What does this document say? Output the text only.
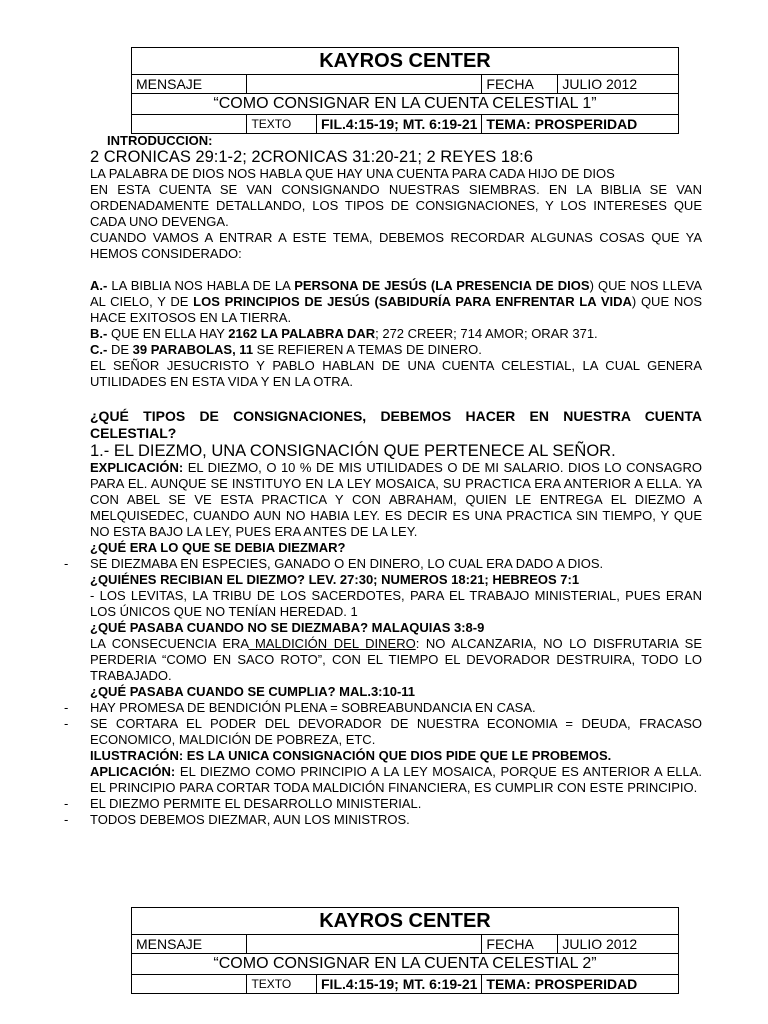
KAYROS CENTER				
MENSAJE			FECHA	JULIO 2012
“COMO CONSIGNAR EN LA CUENTA CELESTIAL 1”				
	TEXTO	FIL.4:15-19; MT. 6:19-21	TEMA: PROSPERIDAD	

INTRODUCCION:

2 CRONICAS 29:1-2; 2CRONICAS 31:20-21; 2 REYES 18:6

LA PALABRA DE DIOS NOS HABLA QUE HAY UNA CUENTA PARA CADA HIJO DE DIOS

EN ESTA CUENTA SE VAN CONSIGNANDO NUESTRAS SIEMBRAS. EN LA BIBLIA SE VAN ORDENADAMENTE DETALLANDO, LOS TIPOS DE CONSIGNACIONES, Y LOS INTERESES QUE CADA UNO DEVENGA.

CUANDO VAMOS A ENTRAR A ESTE TEMA, DEBEMOS RECORDAR ALGUNAS COSAS QUE YA HEMOS CONSIDERADO:

A.- LA BIBLIA NOS HABLA DE LA PERSONA DE JESÚS (LA PRESENCIA DE DIOS) QUE NOS LLEVA AL CIELO, Y DE LOS PRINCIPIOS DE JESÚS (SABIDURÍA PARA ENFRENTAR LA VIDA) QUE NOS HACE EXITOSOS EN LA TIERRA.

B.- QUE EN ELLA HAY 2162 LA PALABRA DAR; 272 CREER; 714 AMOR; ORAR 371.

C.- DE 39 PARABOLAS, 11 SE REFIEREN A TEMAS DE DINERO.

EL SEÑOR JESUCRISTO Y PABLO HABLAN DE UNA CUENTA CELESTIAL, LA CUAL GENERA UTILIDADES EN ESTA VIDA Y EN LA OTRA.

¿QUÉ TIPOS DE CONSIGNACIONES, DEBEMOS HACER EN NUESTRA CUENTA CELESTIAL?

1.- EL DIEZMO, UNA CONSIGNACIÓN QUE PERTENECE AL SEÑOR.

EXPLICACIÓN: EL DIEZMO, O 10 % DE MIS UTILIDADES O DE MI SALARIO. DIOS LO CONSAGRO PARA EL. AUNQUE SE INSTITUYO EN LA LEY MOSAICA, SU PRACTICA ERA ANTERIOR A ELLA. YA CON ABEL SE VE ESTA PRACTICA Y CON ABRAHAM, QUIEN LE ENTREGA EL DIEZMO A MELQUISEDEC, CUANDO AUN NO HABIA LEY. ES DECIR ES UNA PRACTICA SIN TIEMPO, Y QUE NO ESTA BAJO LA LEY, PUES ERA ANTES DE LA LEY.

¿QUÉ ERA LO QUE SE DEBIA DIEZMAR?

- SE DIEZMABA EN ESPECIES, GANADO O EN DINERO, LO CUAL ERA DADO A DIOS.

¿QUIÉNES RECIBIAN EL DIEZMO? LEV. 27:30; NUMEROS 18:21; HEBREOS 7:1

- LOS LEVITAS, LA TRIBU DE LOS SACERDOTES, PARA EL TRABAJO MINISTERIAL, PUES ERAN LOS ÚNICOS QUE NO TENÍAN HEREDAD. 1

¿QUÉ PASABA CUANDO NO SE DIEZMABA? MALAQUIAS 3:8-9

LA CONSECUENCIA ERA MALDICIÓN DEL DINERO: NO ALCANZARIA, NO LO DISFRUTARIA SE PERDERIA “COMO EN SACO ROTO”, CON EL TIEMPO EL DEVORADOR DESTRUIRA, TODO LO TRABAJADO.

¿QUÉ PASABA CUANDO SE CUMPLIA? MAL.3:10-11

- HAY PROMESA DE BENDICIÓN PLENA = SOBREABUNDANCIA EN CASA.

- SE CORTARA EL PODER DEL DEVORADOR DE NUESTRA ECONOMIA = DEUDA, FRACASO ECONOMICO, MALDICIÓN DE POBREZA, ETC.

ILUSTRACIÓN: ES LA UNICA CONSIGNACIÓN QUE DIOS PIDE QUE LE PROBEMOS.

APLICACIÓN: EL DIEZMO COMO PRINCIPIO A LA LEY MOSAICA, PORQUE ES ANTERIOR A ELLA. EL PRINCIPIO PARA CORTAR TODA MALDICIÓN FINANCIERA, ES CUMPLIR CON ESTE PRINCIPIO.

- EL DIEZMO PERMITE EL DESARROLLO MINISTERIAL.

- TODOS DEBEMOS DIEZMAR, AUN LOS MINISTROS.

KAYROS CENTER				
MENSAJE			FECHA	JULIO 2012
“COMO CONSIGNAR EN LA CUENTA CELESTIAL 2”				
	TEXTO	FIL.4:15-19; MT. 6:19-21	TEMA: PROSPERIDAD	
